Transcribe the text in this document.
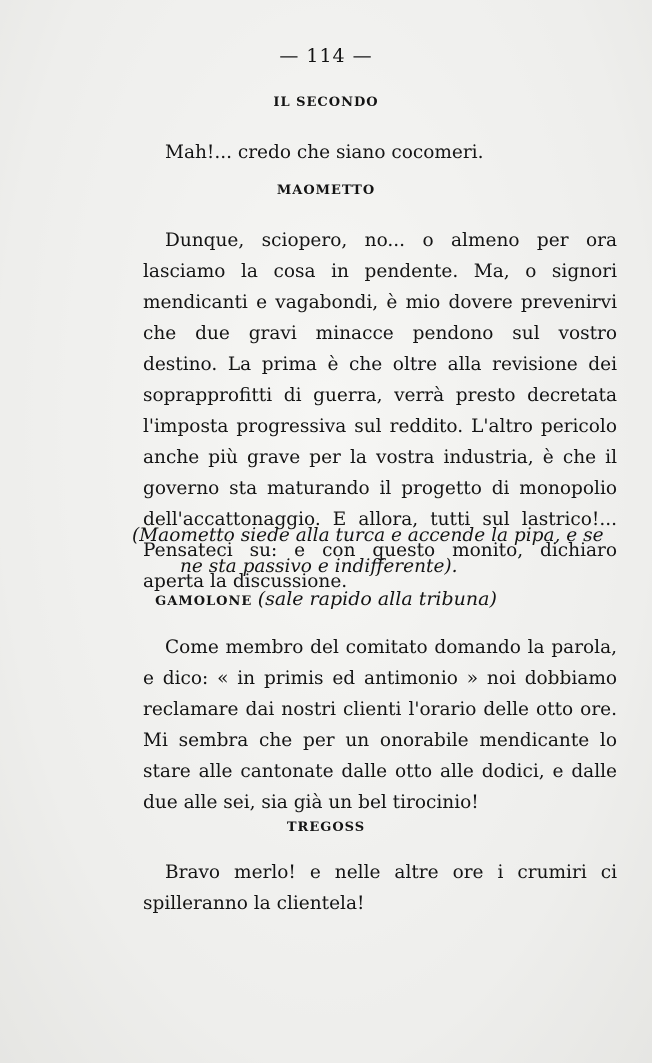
— 114 —
IL SECONDO

Mah!... credo che siano cocomeri.

MAOMETTO

Dunque, sciopero, no... o almeno per ora lasciamo la cosa in pendente. Ma, o signori mendicanti e vagabondi, è mio dovere prevenirvi che due gravi minacce pendono sul vostro destino. La prima è che oltre alla revisione dei soprapprofitti di guerra, verrà presto decretata l'imposta progressiva sul reddito. L'altro pericolo anche più grave per la vostra industria, è che il governo sta maturando il progetto di monopolio dell'accattonaggio. E allora, tutti sul lastrico!... Pensateci su: e con questo monito, dichiaro aperta la discussione.

(Maometto siede alla turca e accende la pipa, e se
ne sta passivo e indifferente).

GAMOLONE (sale rapido alla tribuna)

Come membro del comitato domando la parola, e dico: « in primis ed antimonio » noi dobbiamo reclamare dai nostri clienti l'orario delle otto ore. Mi sembra che per un onorabile mendicante lo stare alle cantonate dalle otto alle dodici, e dalle due alle sei, sia già un bel tirocinio!

TREGOSS

Bravo merlo! e nelle altre ore i crumiri ci spilleranno la clientela!
